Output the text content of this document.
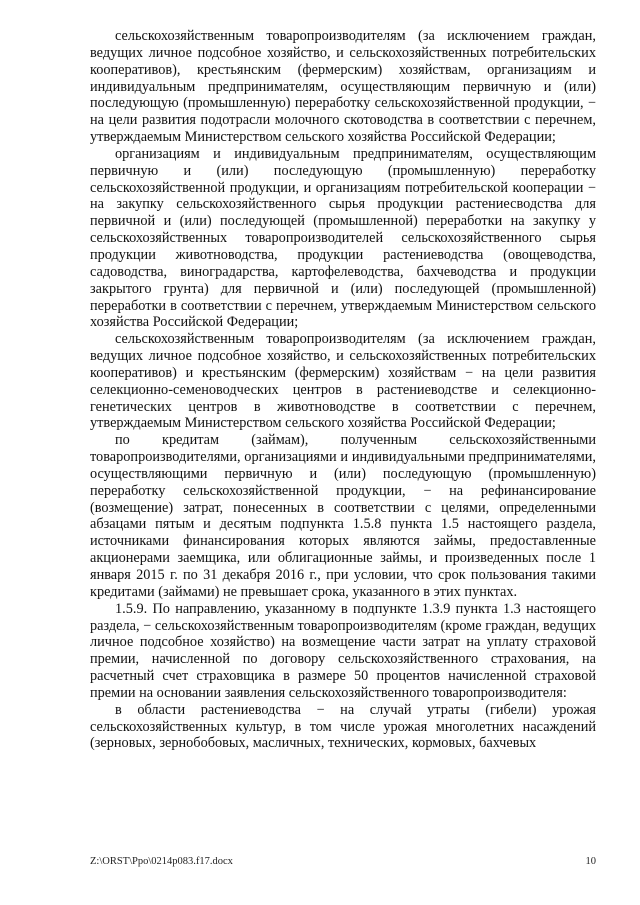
сельскохозяйственным товаропроизводителям (за исключением граждан, ведущих личное подсобное хозяйство, и сельскохозяйственных потребительских кооперативов), крестьянским (фермерским) хозяйствам, организациям и индивидуальным предпринимателям, осуществляющим первичную и (или) последующую (промышленную) переработку сельскохозяйственной продукции, − на цели развития подотрасли молочного скотоводства в соответствии с перечнем, утверждаемым Министерством сельского хозяйства Российской Федерации;

организациям и индивидуальным предпринимателям, осуществляющим первичную и (или) последующую (промышленную) переработку сельскохозяйственной продукции, и организациям потребительской кооперации − на закупку сельскохозяйственного сырья продукции растениесводства для первичной и (или) последующей (промышленной) переработки на закупку у сельскохозяйственных товаропроизводителей сельскохозяйственного сырья продукции животноводства, продукции растениеводства (овощеводства, садоводства, виноградарства, картофелеводства, бахчеводства и продукции закрытого грунта) для первичной и (или) последующей (промышленной) переработки в соответствии с перечнем, утверждаемым Министерством сельского хозяйства Российской Федерации;

сельскохозяйственным товаропроизводителям (за исключением граждан, ведущих личное подсобное хозяйство, и сельскохозяйственных потребительских кооперативов) и крестьянским (фермерским) хозяйствам − на цели развития селекционно-семеноводческих центров в растениеводстве и селекционно-генетических центров в животноводстве в соответствии с перечнем, утверждаемым Министерством сельского хозяйства Российской Федерации;

по кредитам (займам), полученным сельскохозяйственными товаропроизводителями, организациями и индивидуальными предпринимателями, осуществляющими первичную и (или) последующую (промышленную) переработку сельскохозяйственной продукции, − на рефинансирование (возмещение) затрат, понесенных в соответствии с целями, определенными абзацами пятым и десятым подпункта 1.5.8 пункта 1.5 настоящего раздела, источниками финансирования которых являются займы, предоставленные акционерами заемщика, или облигационные займы, и произведенных после 1 января 2015 г. по 31 декабря 2016 г., при условии, что срок пользования такими кредитами (займами) не превышает срока, указанного в этих пунктах.

1.5.9. По направлению, указанному в подпункте 1.3.9 пункта 1.3 настоящего раздела, − сельскохозяйственным товаропроизводителям (кроме граждан, ведущих личное подсобное хозяйство) на возмещение части затрат на уплату страховой премии, начисленной по договору сельскохозяйственного страхования, на расчетный счет страховщика в размере 50 процентов начисленной страховой премии на основании заявления сельскохозяйственного товаропроизводителя:

в области растениеводства − на случай утраты (гибели) урожая сельскохозяйственных культур, в том числе урожая многолетних насаждений (зерновых, зернобобовых, масличных, технических, кормовых, бахчевых

Z:\ORST\Ppo\0214p083.f17.docx	10
